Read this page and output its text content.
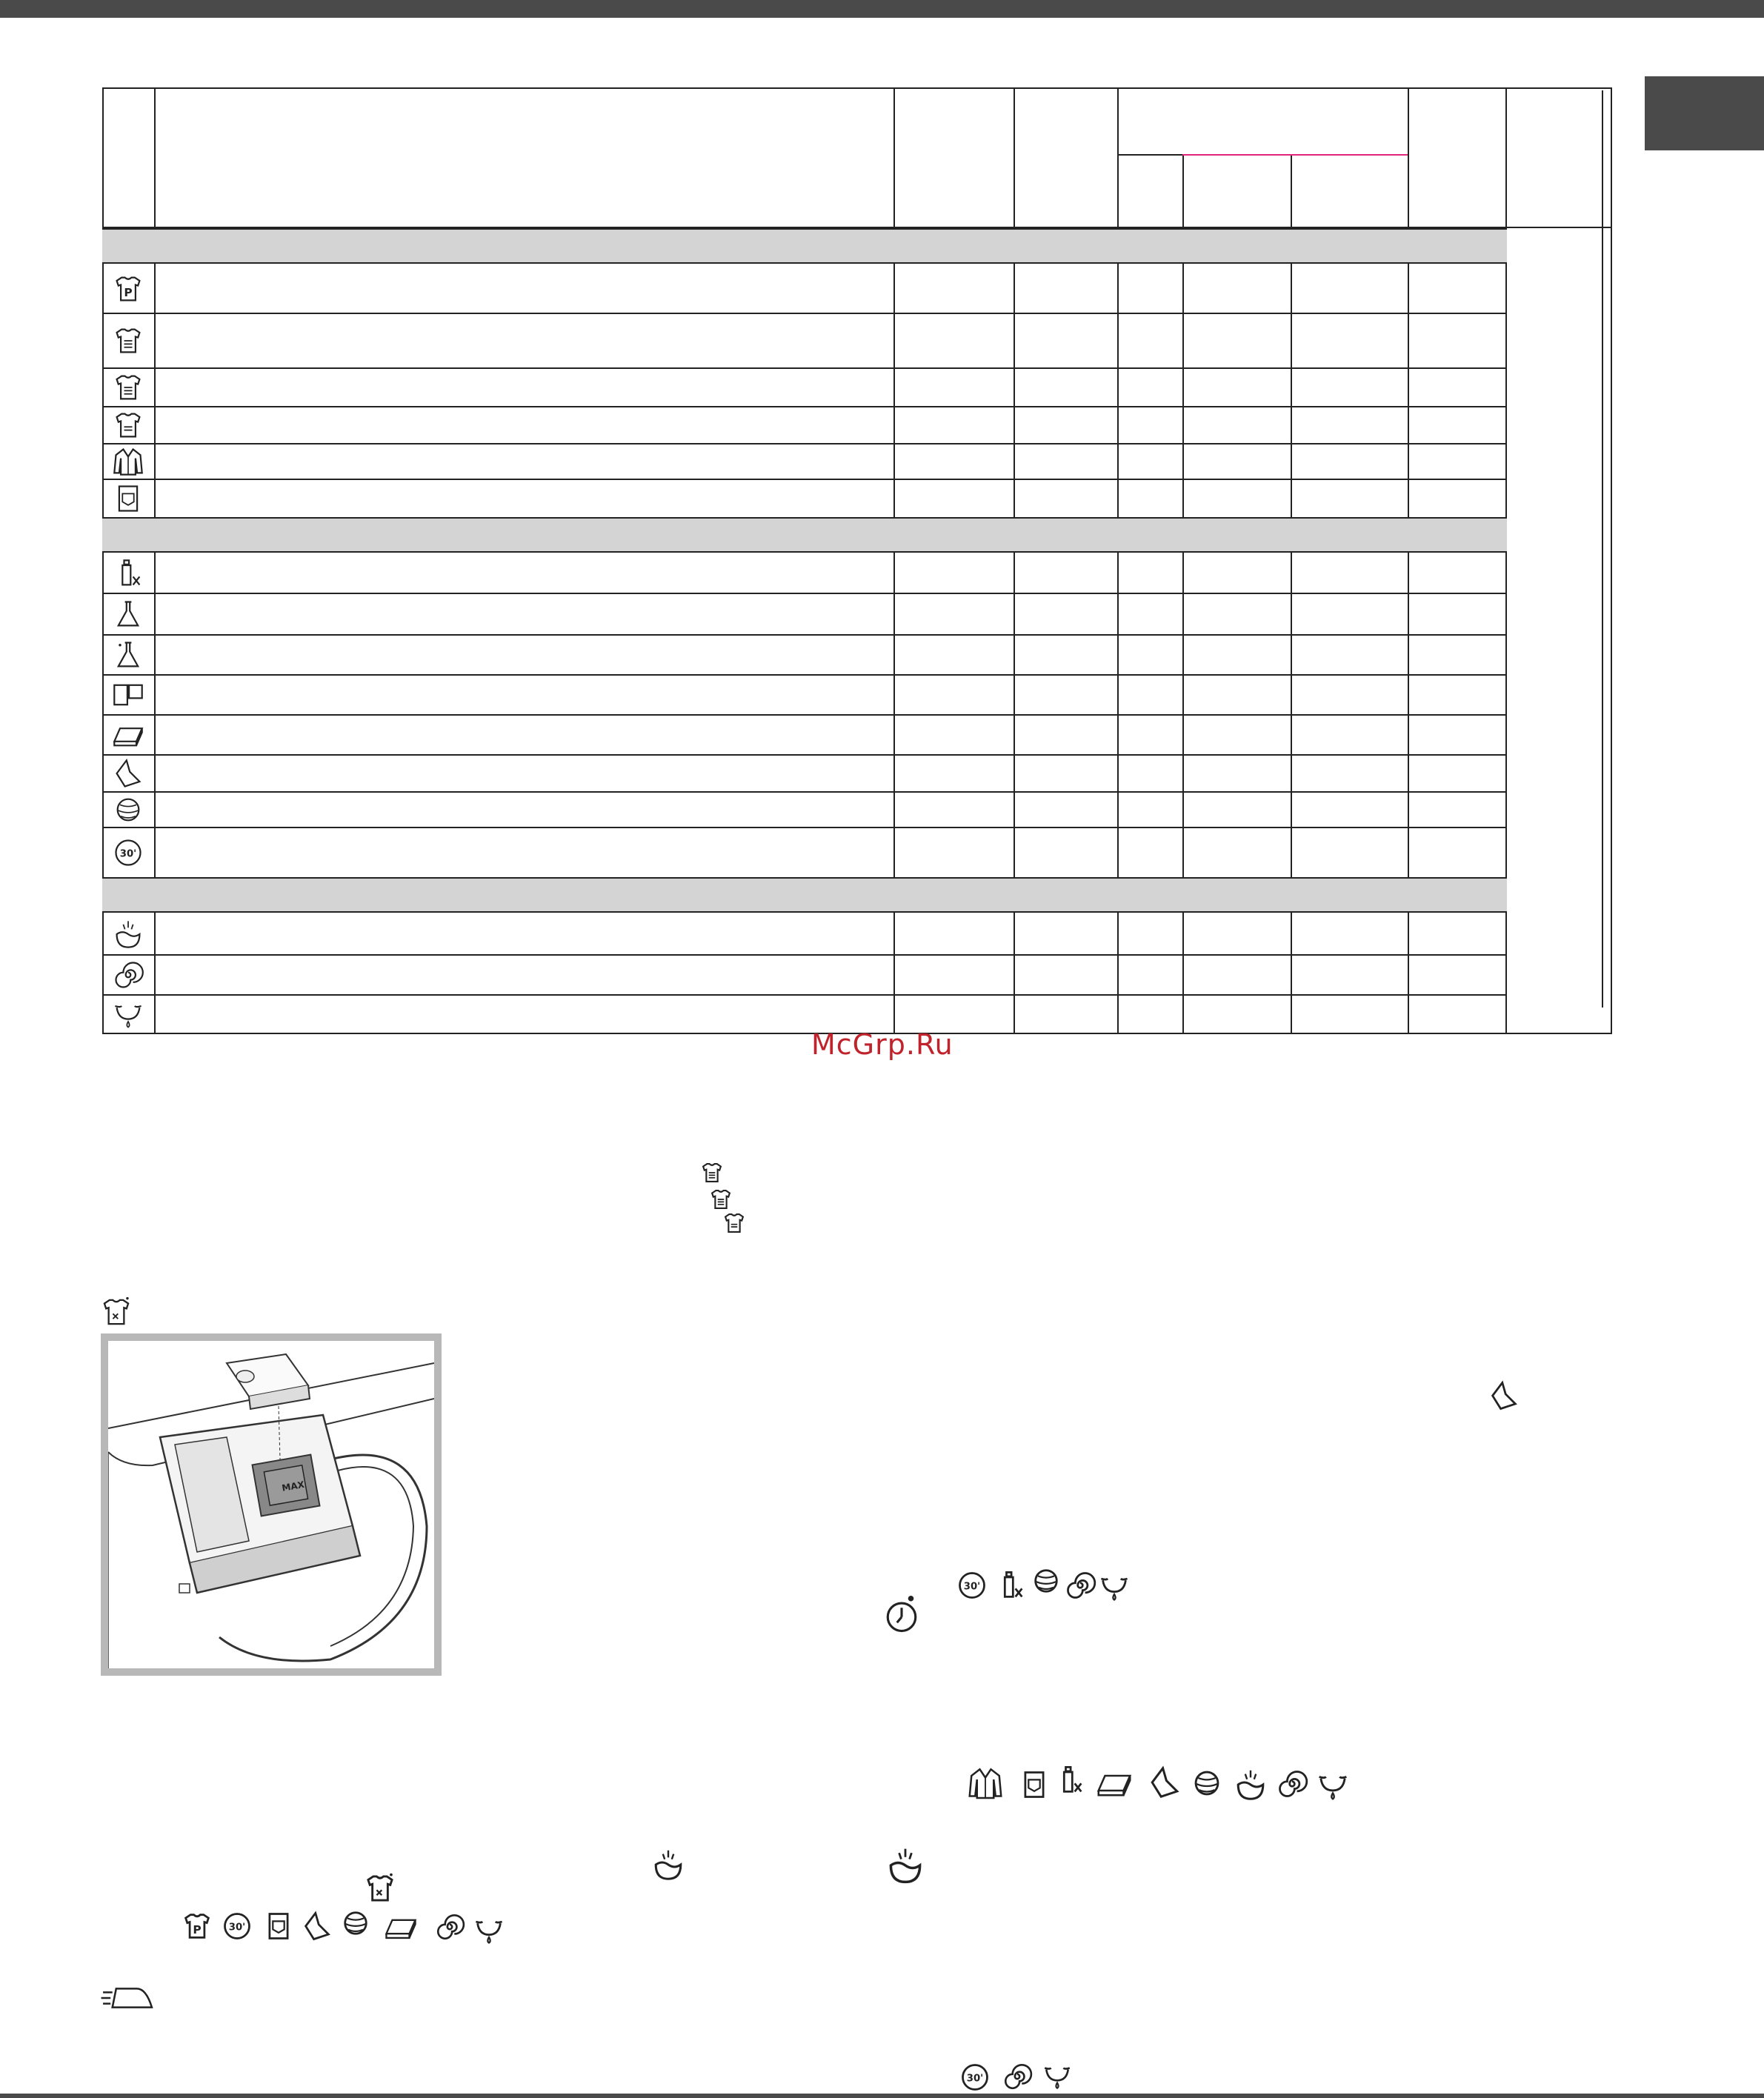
P
30'
McGrp.Ru
MAX
30'
P	30'
30'
